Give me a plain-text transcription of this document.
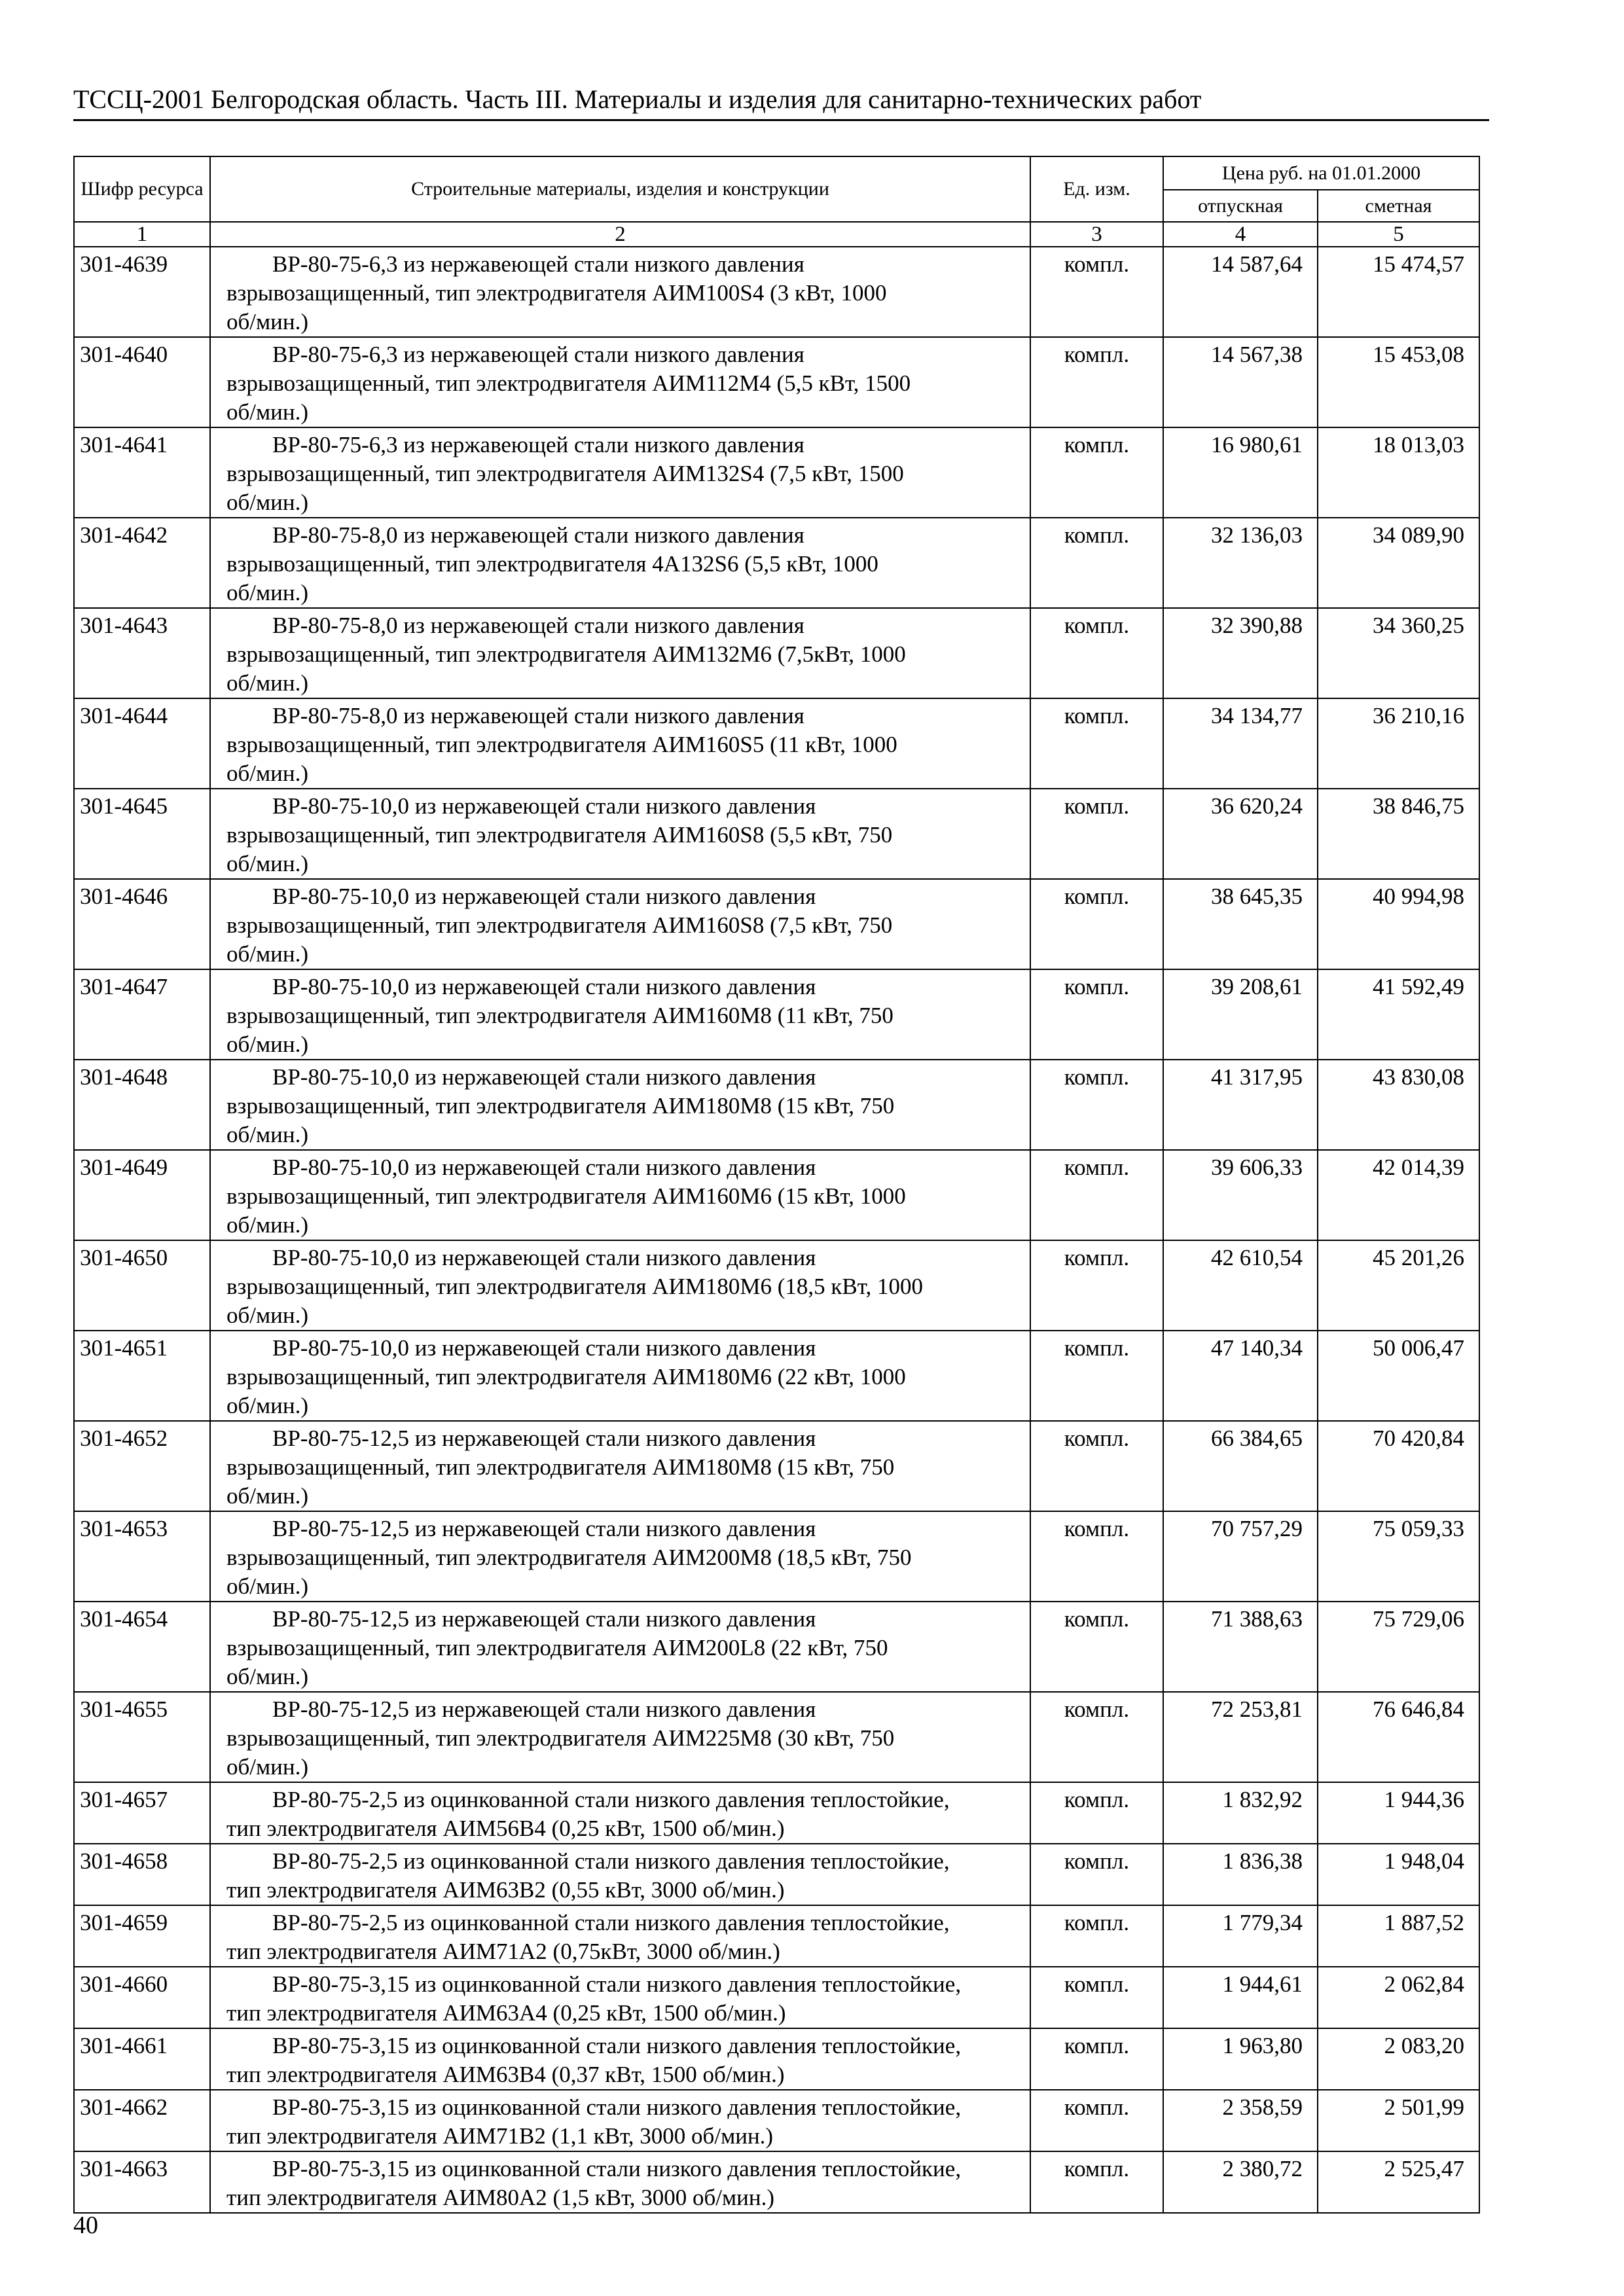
ТССЦ-2001 Белгородская область. Часть III. Материалы и изделия для санитарно-технических работ
Шифр ресурса	Строительные материалы, изделия и конструкции	Ед. изм.	Цена руб. на 01.01.2000	
			отпускная	сметная
1	2	3	4	5
301-4639	ВР-80-75-6,3 из нержавеющей стали низкого давления
взрывозащищенный, тип электродвигателя АИМ100S4 (3 кВт, 1000
об/мин.)	компл.	14 587,64	15 474,57
301-4640	ВР-80-75-6,3 из нержавеющей стали низкого давления
взрывозащищенный, тип электродвигателя АИМ112М4 (5,5 кВт, 1500
об/мин.)	компл.	14 567,38	15 453,08
301-4641	ВР-80-75-6,3 из нержавеющей стали низкого давления
взрывозащищенный, тип электродвигателя АИМ132S4 (7,5 кВт, 1500
об/мин.)	компл.	16 980,61	18 013,03
301-4642	ВР-80-75-8,0 из нержавеющей стали низкого давления
взрывозащищенный, тип электродвигателя 4А132S6 (5,5 кВт, 1000
об/мин.)	компл.	32 136,03	34 089,90
301-4643	ВР-80-75-8,0 из нержавеющей стали низкого давления
взрывозащищенный, тип электродвигателя АИМ132М6 (7,5кВт, 1000
об/мин.)	компл.	32 390,88	34 360,25
301-4644	ВР-80-75-8,0 из нержавеющей стали низкого давления
взрывозащищенный, тип электродвигателя АИМ160S5 (11 кВт, 1000
об/мин.)	компл.	34 134,77	36 210,16
301-4645	ВР-80-75-10,0 из нержавеющей стали низкого давления
взрывозащищенный, тип электродвигателя АИМ160S8 (5,5 кВт, 750
об/мин.)	компл.	36 620,24	38 846,75
301-4646	ВР-80-75-10,0 из нержавеющей стали низкого давления
взрывозащищенный, тип электродвигателя АИМ160S8 (7,5 кВт, 750
об/мин.)	компл.	38 645,35	40 994,98
301-4647	ВР-80-75-10,0 из нержавеющей стали низкого давления
взрывозащищенный, тип электродвигателя АИМ160М8 (11 кВт, 750
об/мин.)	компл.	39 208,61	41 592,49
301-4648	ВР-80-75-10,0 из нержавеющей стали низкого давления
взрывозащищенный, тип электродвигателя АИМ180М8 (15 кВт, 750
об/мин.)	компл.	41 317,95	43 830,08
301-4649	ВР-80-75-10,0 из нержавеющей стали низкого давления
взрывозащищенный, тип электродвигателя АИМ160М6 (15 кВт, 1000
об/мин.)	компл.	39 606,33	42 014,39
301-4650	ВР-80-75-10,0 из нержавеющей стали низкого давления
взрывозащищенный, тип электродвигателя АИМ180М6 (18,5 кВт, 1000
об/мин.)	компл.	42 610,54	45 201,26
301-4651	ВР-80-75-10,0 из нержавеющей стали низкого давления
взрывозащищенный, тип электродвигателя АИМ180М6 (22 кВт, 1000
об/мин.)	компл.	47 140,34	50 006,47
301-4652	ВР-80-75-12,5 из нержавеющей стали низкого давления
взрывозащищенный, тип электродвигателя АИМ180М8 (15 кВт, 750
об/мин.)	компл.	66 384,65	70 420,84
301-4653	ВР-80-75-12,5 из нержавеющей стали низкого давления
взрывозащищенный, тип электродвигателя АИМ200М8 (18,5 кВт, 750
об/мин.)	компл.	70 757,29	75 059,33
301-4654	ВР-80-75-12,5 из нержавеющей стали низкого давления
взрывозащищенный, тип электродвигателя АИМ200L8 (22 кВт, 750
об/мин.)	компл.	71 388,63	75 729,06
301-4655	ВР-80-75-12,5 из нержавеющей стали низкого давления
взрывозащищенный, тип электродвигателя АИМ225М8 (30 кВт, 750
об/мин.)	компл.	72 253,81	76 646,84
301-4657	ВР-80-75-2,5 из оцинкованной стали низкого давления теплостойкие,
тип электродвигателя АИМ56В4 (0,25 кВт, 1500 об/мин.)	компл.	1 832,92	1 944,36
301-4658	ВР-80-75-2,5 из оцинкованной стали низкого давления теплостойкие,
тип электродвигателя АИМ63В2 (0,55 кВт, 3000 об/мин.)	компл.	1 836,38	1 948,04
301-4659	ВР-80-75-2,5 из оцинкованной стали низкого давления теплостойкие,
тип электродвигателя АИМ71А2 (0,75кВт, 3000 об/мин.)	компл.	1 779,34	1 887,52
301-4660	ВР-80-75-3,15 из оцинкованной стали низкого давления теплостойкие,
тип электродвигателя АИМ63А4 (0,25 кВт, 1500 об/мин.)	компл.	1 944,61	2 062,84
301-4661	ВР-80-75-3,15 из оцинкованной стали низкого давления теплостойкие,
тип электродвигателя АИМ63В4 (0,37 кВт, 1500 об/мин.)	компл.	1 963,80	2 083,20
301-4662	ВР-80-75-3,15 из оцинкованной стали низкого давления теплостойкие,
тип электродвигателя АИМ71В2 (1,1 кВт, 3000 об/мин.)	компл.	2 358,59	2 501,99
301-4663	ВР-80-75-3,15 из оцинкованной стали низкого давления теплостойкие,
тип электродвигателя АИМ80А2 (1,5 кВт, 3000 об/мин.)	компл.	2 380,72	2 525,47
40
